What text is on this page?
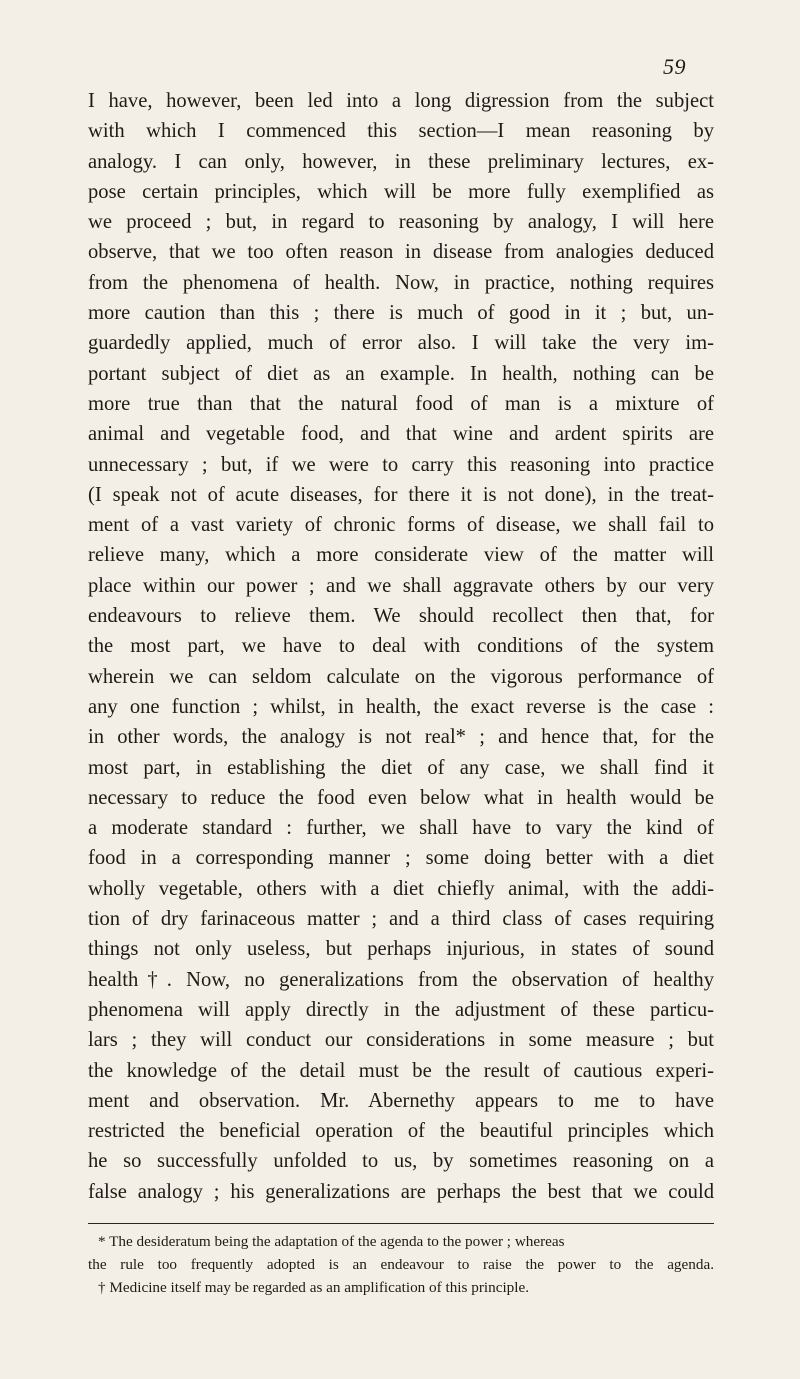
59
I have, however, been led into a long digression from the subject
with which I commenced this section—I mean reasoning by
analogy. I can only, however, in these preliminary lectures, ex-
pose certain principles, which will be more fully exemplified as
we proceed ; but, in regard to reasoning by analogy, I will here
observe, that we too often reason in disease from analogies deduced
from the phenomena of health. Now, in practice, nothing requires
more caution than this ; there is much of good in it ; but, un-
guardedly applied, much of error also. I will take the very im-
portant subject of diet as an example. In health, nothing can be
more true than that the natural food of man is a mixture of
animal and vegetable food, and that wine and ardent spirits are
unnecessary ; but, if we were to carry this reasoning into practice
(I speak not of acute diseases, for there it is not done), in the treat-
ment of a vast variety of chronic forms of disease, we shall fail to
relieve many, which a more considerate view of the matter will
place within our power ; and we shall aggravate others by our very
endeavours to relieve them. We should recollect then that, for
the most part, we have to deal with conditions of the system
wherein we can seldom calculate on the vigorous performance of
any one function ; whilst, in health, the exact reverse is the case :
in other words, the analogy is not real* ; and hence that, for the
most part, in establishing the diet of any case, we shall find it
necessary to reduce the food even below what in health would be
a moderate standard : further, we shall have to vary the kind of
food in a corresponding manner ; some doing better with a diet
wholly vegetable, others with a diet chiefly animal, with the addi-
tion of dry farinaceous matter ; and a third class of cases requiring
things not only useless, but perhaps injurious, in states of sound
health†. Now, no generalizations from the observation of healthy
phenomena will apply directly in the adjustment of these particu-
lars ; they will conduct our considerations in some measure ; but
the knowledge of the detail must be the result of cautious experi-
ment and observation. Mr. Abernethy appears to me to have
restricted the beneficial operation of the beautiful principles which
he so successfully unfolded to us, by sometimes reasoning on a
false analogy ; his generalizations are perhaps the best that we could
* The desideratum being the adaptation of the agenda to the power ; whereas
the rule too frequently adopted is an endeavour to raise the power to the agenda.
† Medicine itself may be regarded as an amplification of this principle.
